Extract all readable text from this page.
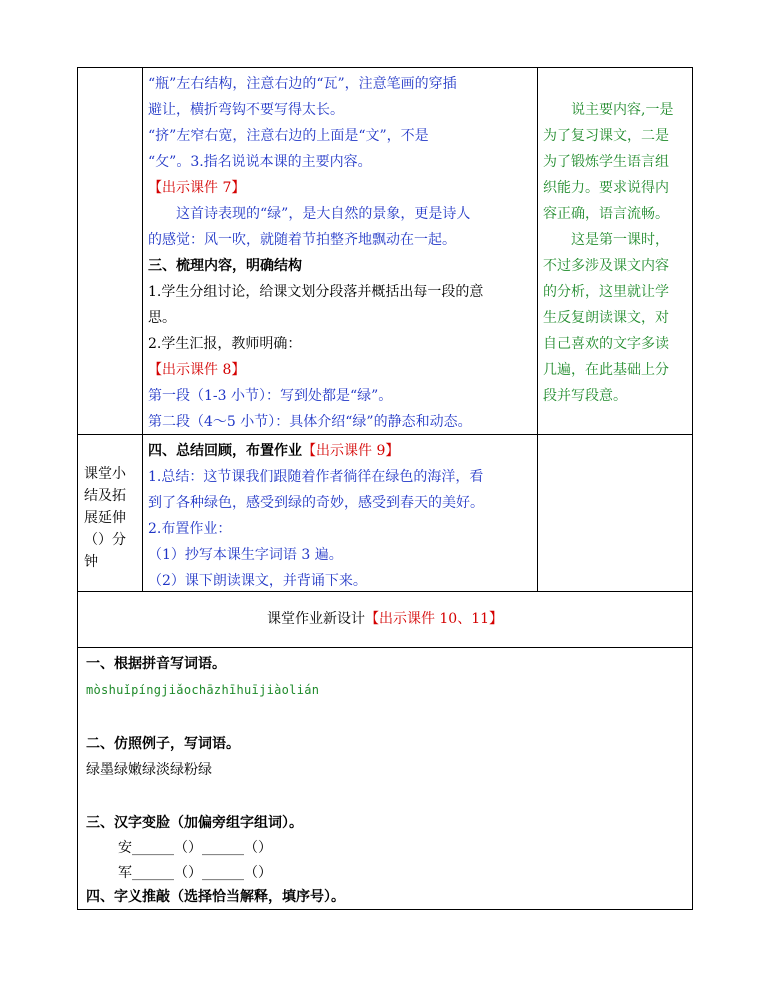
“瓶”左右结构，注意右边的“瓦”，注意笔画的穿插
避让，横折弯钩不要写得太长。
“挤”左窄右宽，注意右边的上面是“文”，不是
“攵”。3.指名说说本课的主要内容。
【出示课件 7】
这首诗表现的“绿”，是大自然的景象，更是诗人
的感觉：风一吹，就随着节拍整齐地飘动在一起。
三、梳理内容，明确结构
1.学生分组讨论，给课文划分段落并概括出每一段的意
思。
2.学生汇报，教师明确：
【出示课件 8】
第一段（1-3 小节）：写到处都是“绿”。
第二段（4～5 小节）：具体介绍“绿”的静态和动态。
说主要内容,一是
为了复习课文，二是
为了锻炼学生语言组
织能力。要求说得内
容正确，语言流畅。
这是第一课时，
不过多涉及课文内容
的分析，这里就让学
生反复朗读课文，对
自己喜欢的文字多读
几遍，在此基础上分
段并写段意。
课堂小
结及拓
展延伸
（）分
钟
四、总结回顾，布置作业【出示课件 9】
1.总结：这节课我们跟随着作者徜徉在绿色的海洋，看
到了各种绿色，感受到绿的奇妙，感受到春天的美好。
2.布置作业：
（1）抄写本课生字词语 3 遍。
（2）课下朗读课文，并背诵下来。
课堂作业新设计【出示课件 10、11】
一、根据拼音写词语。
mòshuǐpíngjiǎochāzhīhuījiàolián
二、仿照例子，写词语。
绿墨绿嫩绿淡绿粉绿
三、汉字变脸（加偏旁组字组词）。
安______（）______（）
军______（）______（）
四、字义推敲（选择恰当解释，填序号）。
